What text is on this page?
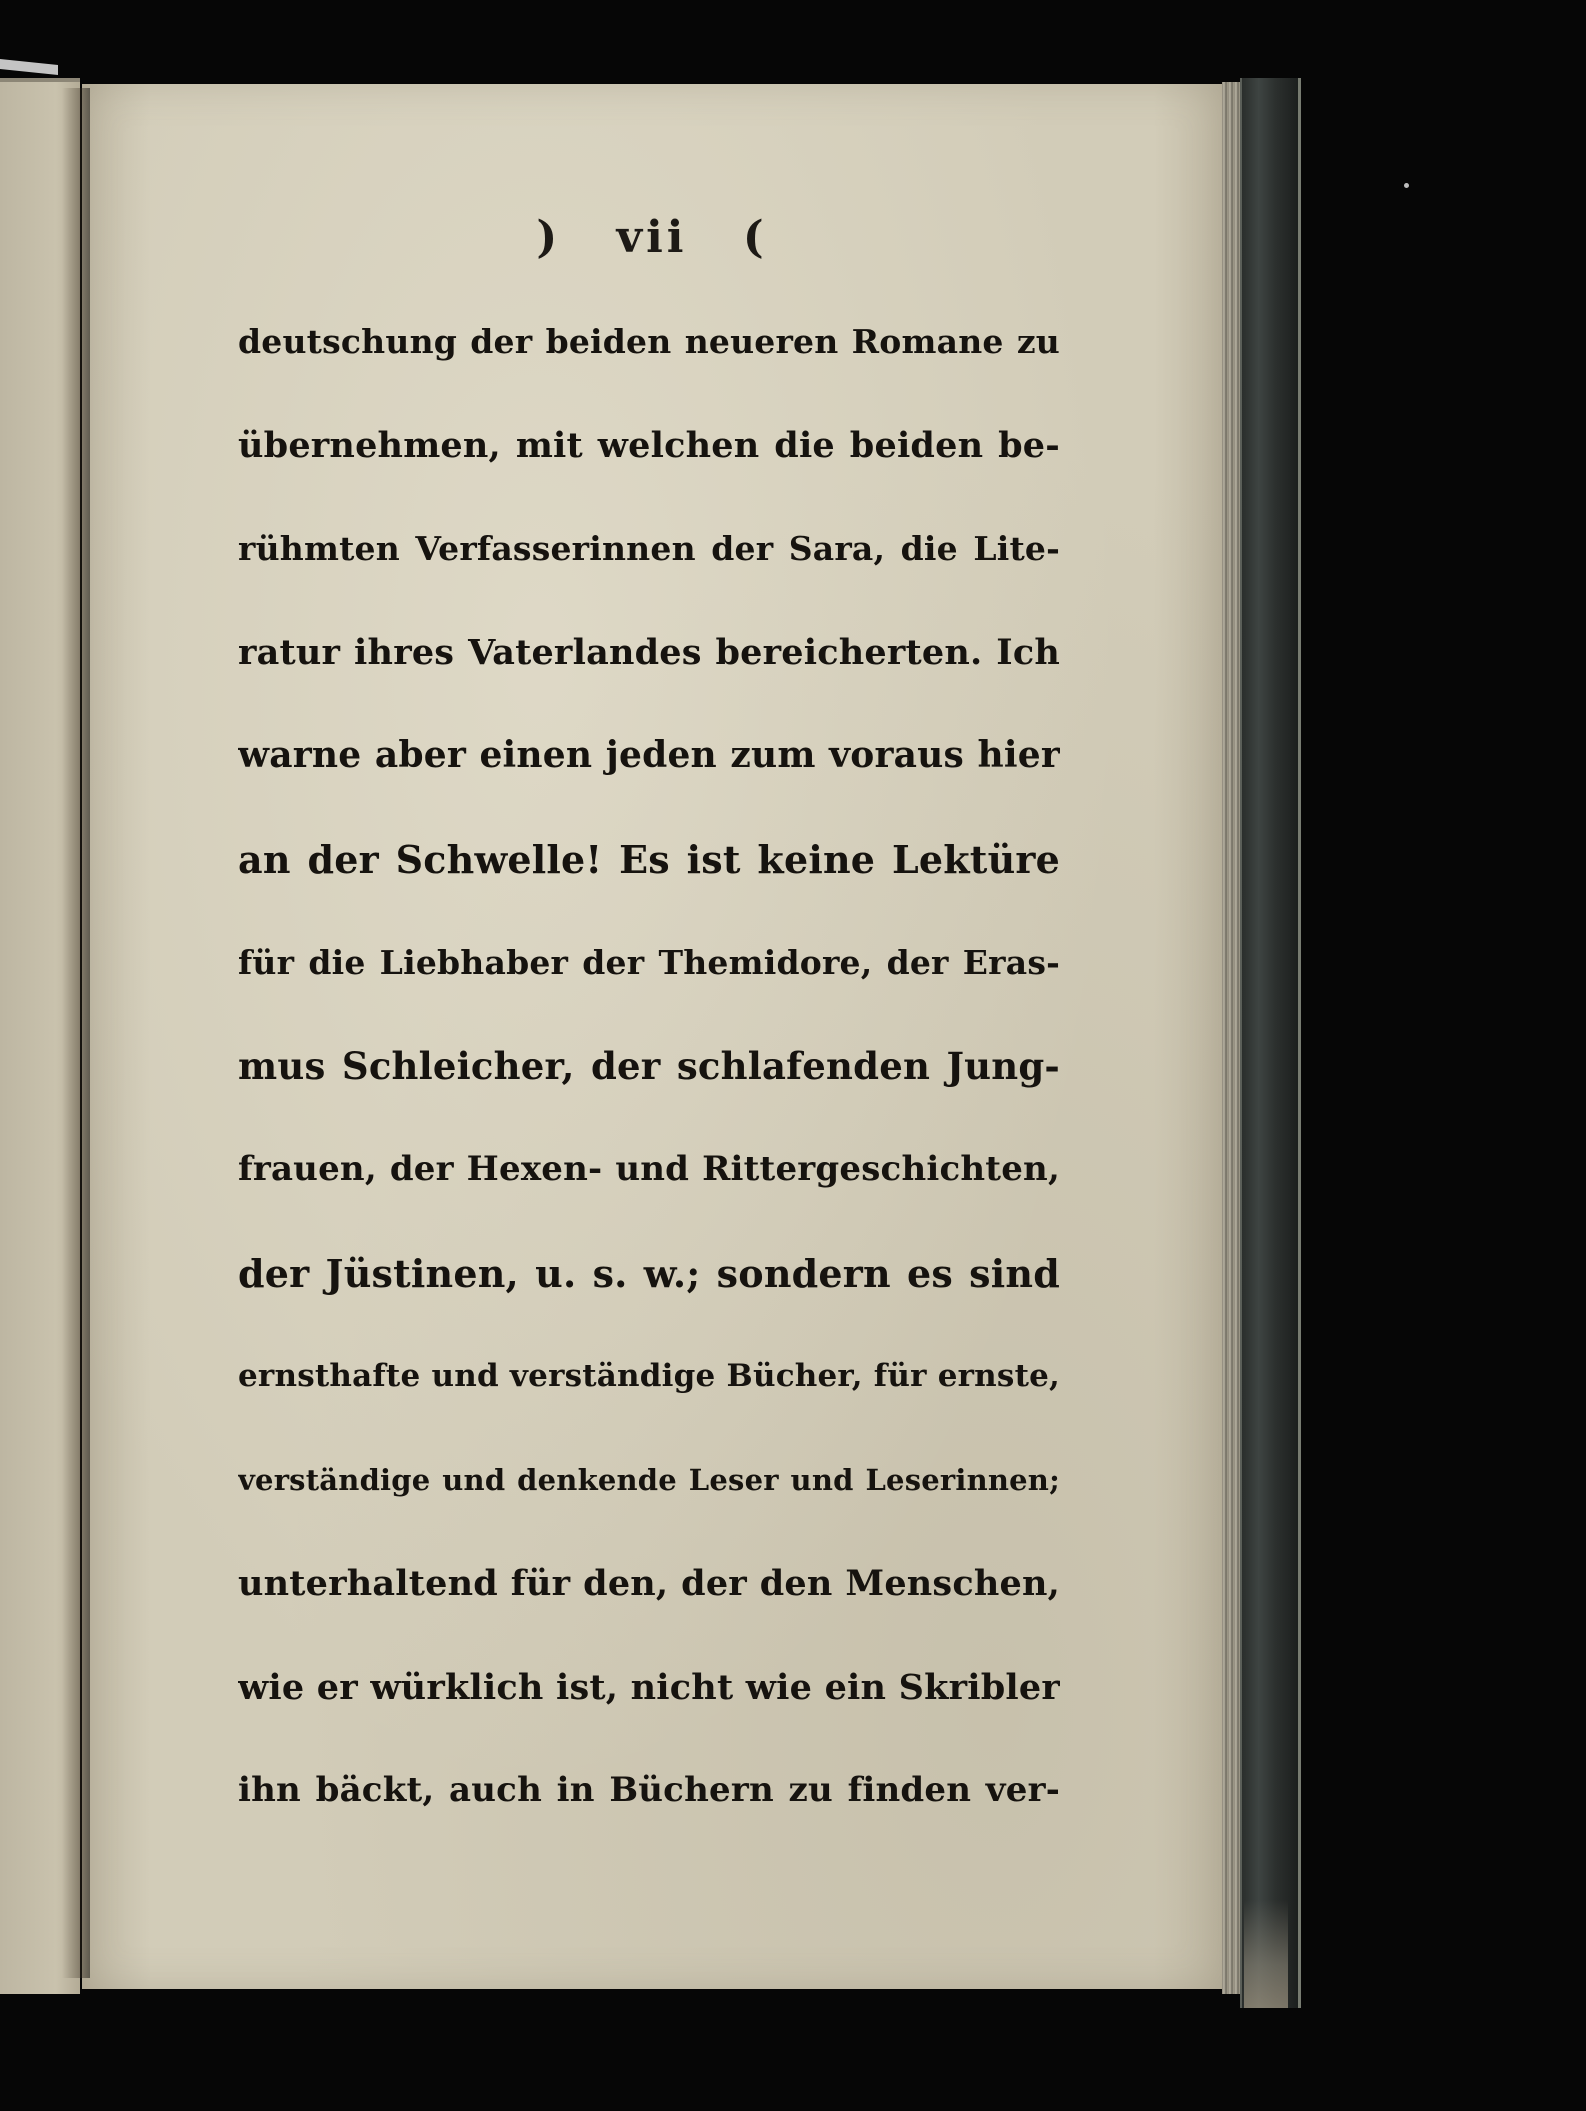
) vii (
deutschung der beiden neueren Romane zu
übernehmen, mit welchen die beiden be-
rühmten Verfasserinnen der Sara, die Lite-
ratur ihres Vaterlandes bereicherten. Ich
warne aber einen jeden zum voraus hier
an der Schwelle! Es ist keine Lektüre
für die Liebhaber der Themidore, der Eras-
mus Schleicher, der schlafenden Jung-
frauen, der Hexen- und Rittergeschichten,
der Jüstinen, u. s. w.; sondern es sind
ernsthafte und verständige Bücher, für ernste,
verständige und denkende Leser und Leserinnen;
unterhaltend für den, der den Menschen,
wie er würklich ist, nicht wie ein Skribler
ihn bäckt, auch in Büchern zu finden ver-
